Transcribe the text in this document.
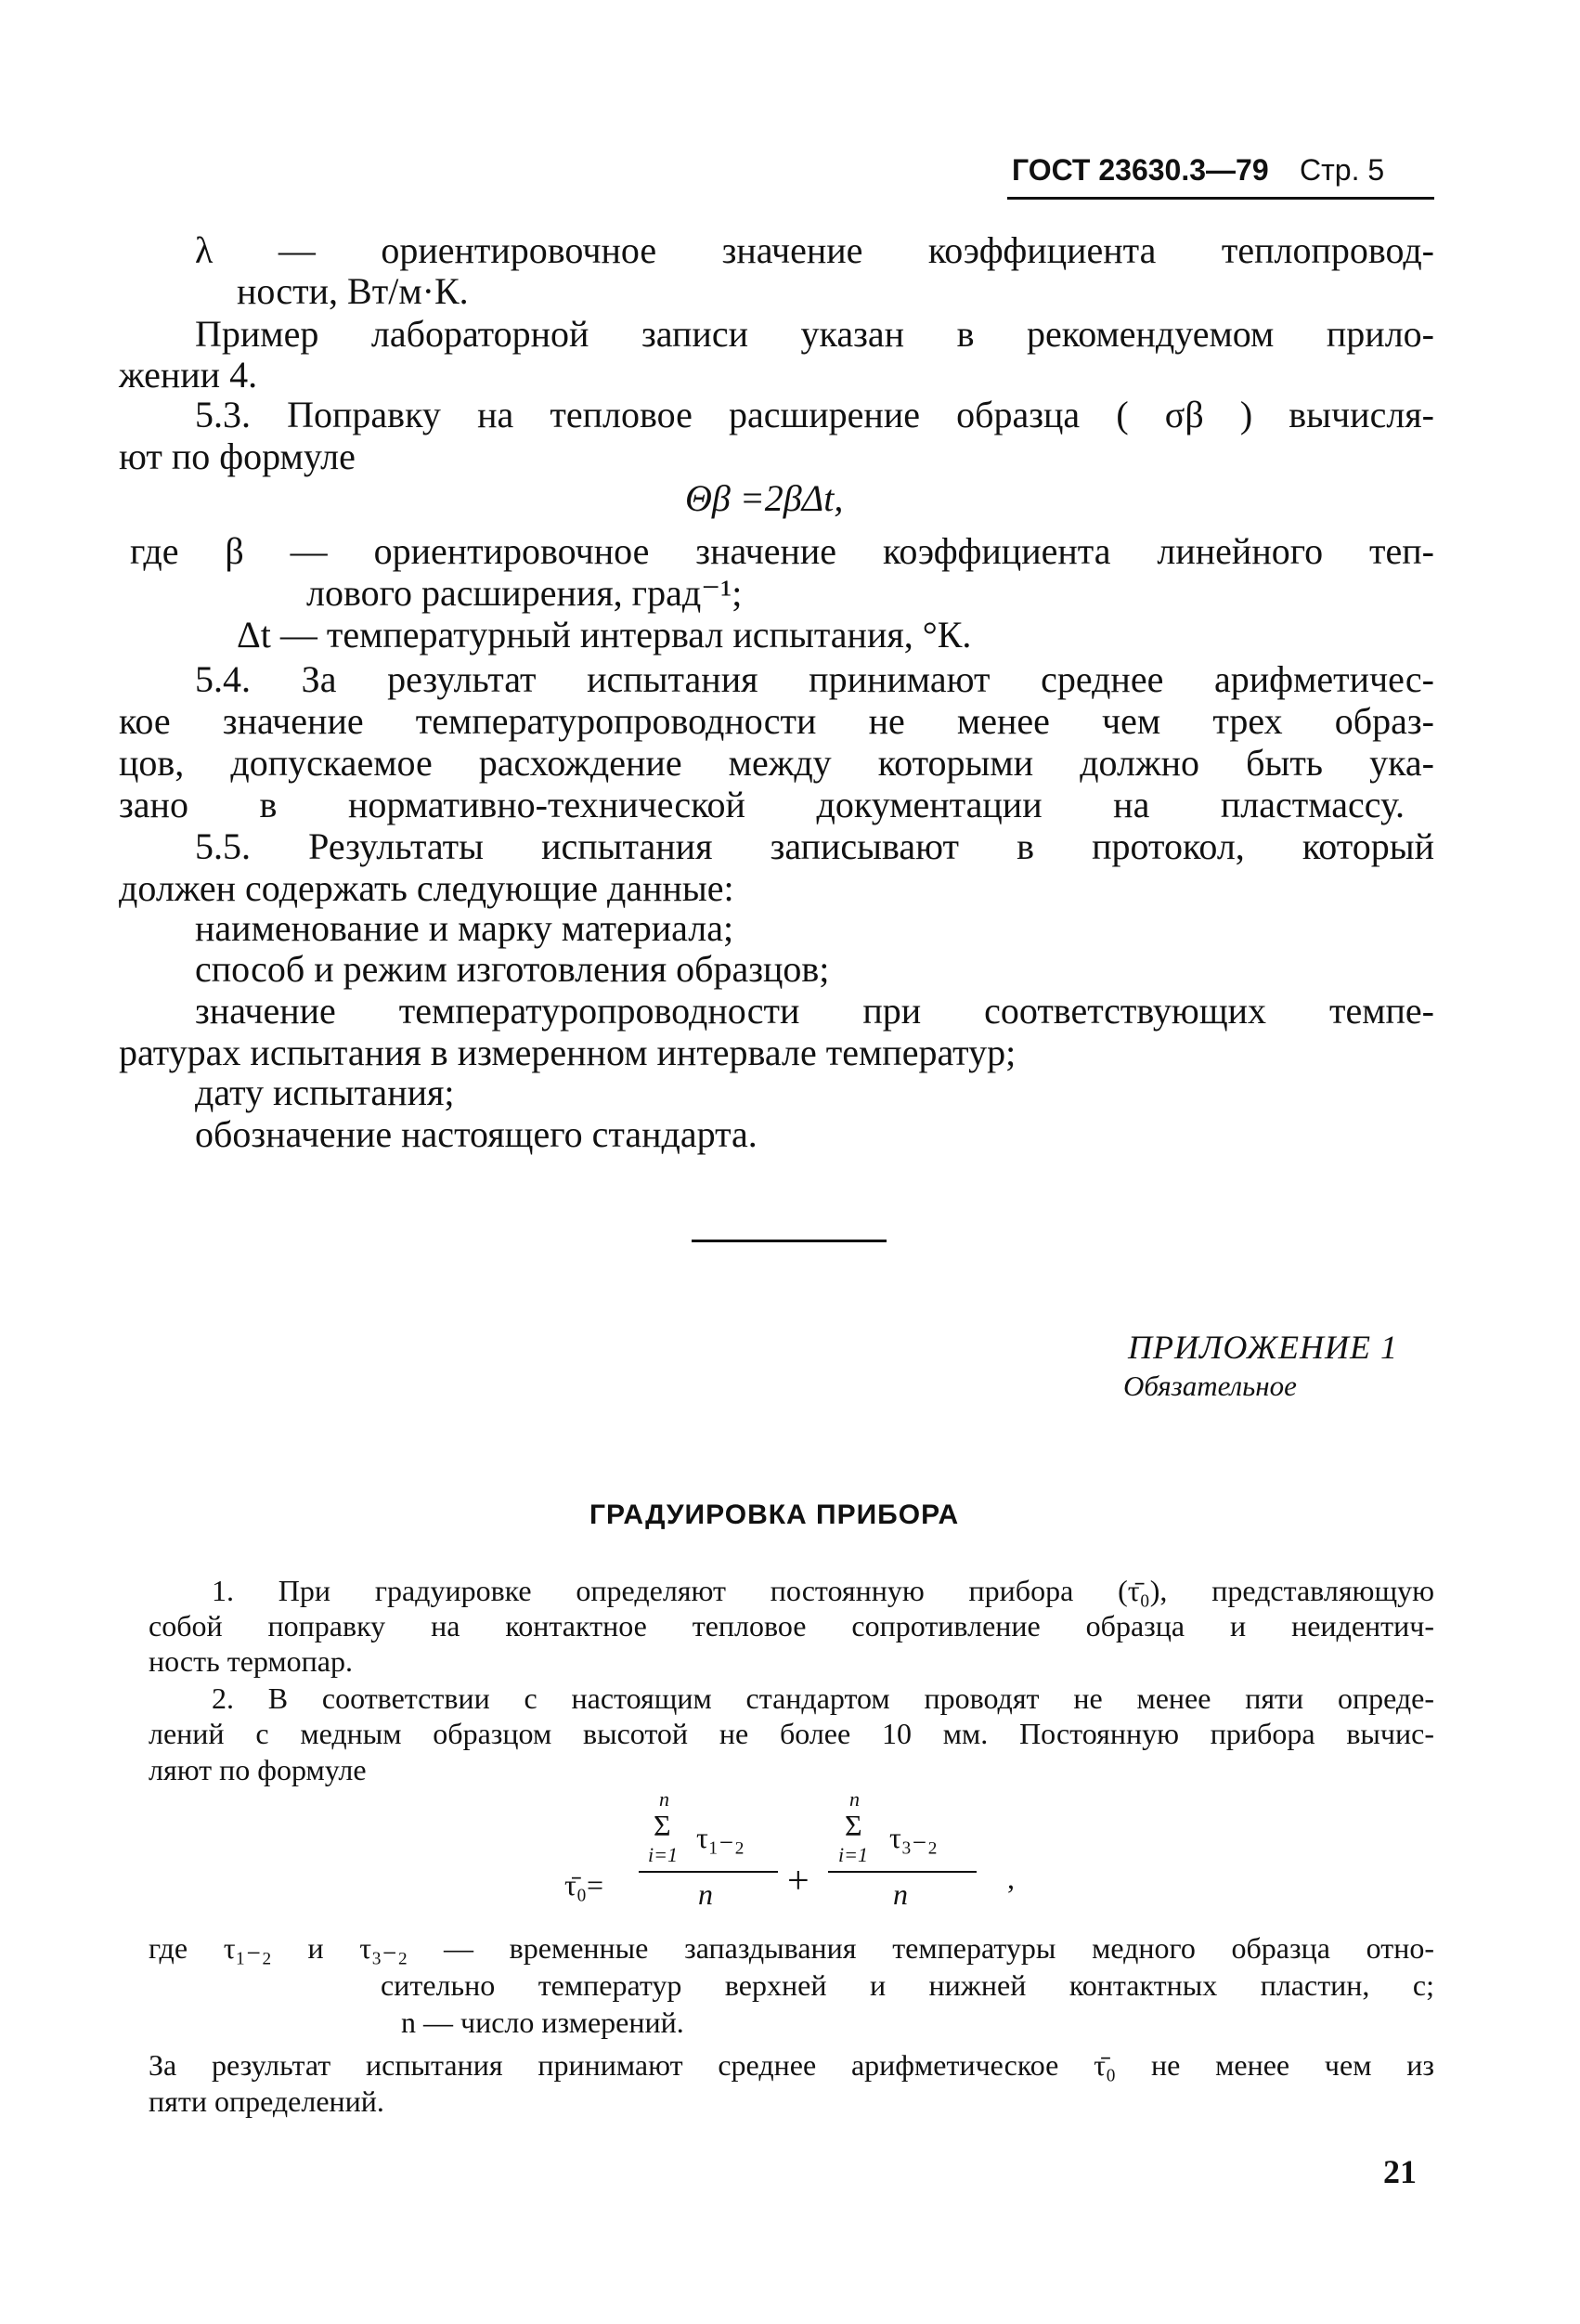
ГОСТ 23630.3—79 Стр. 5
λ — ориентировочное значение коэффициента теплопровод-
ности, Вт/м·К.
Пример лабораторной записи указан в рекомендуемом прило-
жении 4.
5.3. Поправку на тепловое расширение образца ( σβ ) вычисля-
ют по формуле
Θβ =2βΔt,
где β — ориентировочное значение коэффициента линейного теп-
лового расширения, град⁻¹;
Δt — температурный интервал испытания, °К.
5.4. За результат испытания принимают среднее арифметичес-
кое значение температуропроводности не менее чем трех образ-
цов, допускаемое расхождение между которыми должно быть ука-
зано в нормативно-технической документации на пластмассу.
5.5. Результаты испытания записывают в протокол, который
должен содержать следующие данные:
наименование и марку материала;
способ и режим изготовления образцов;
значение температуропроводности при соответствующих темпе-
ратурах испытания в измеренном интервале температур;
дату испытания;
обозначение настоящего стандарта.
ПРИЛОЖЕНИЕ 1
Обязательное
ГРАДУИРОВКА ПРИБОРА
1. При градуировке определяют постоянную прибора (τ̄₀), представляющую
собой поправку на контактное тепловое сопротивление образца и неидентич-
ность термопар.
2. В соответствии с настоящим стандартом проводят не менее пяти опреде-
лений с медным образцом высотой не более 10 мм. Постоянную прибора вычис-
ляют по формуле
τ̄₀=
n
Σ
i=1
τ₁₋₂
n +
n
Σ
i=1
τ₃₋₂
n	,
где τ₁₋₂ и τ₃₋₂ — временные запаздывания температуры медного образца отно-
сительно температур верхней и нижней контактных пластин, с;
n — число измерений.
За результат испытания принимают среднее арифметическое τ̄₀ не менее чем из
пяти определений.
21
